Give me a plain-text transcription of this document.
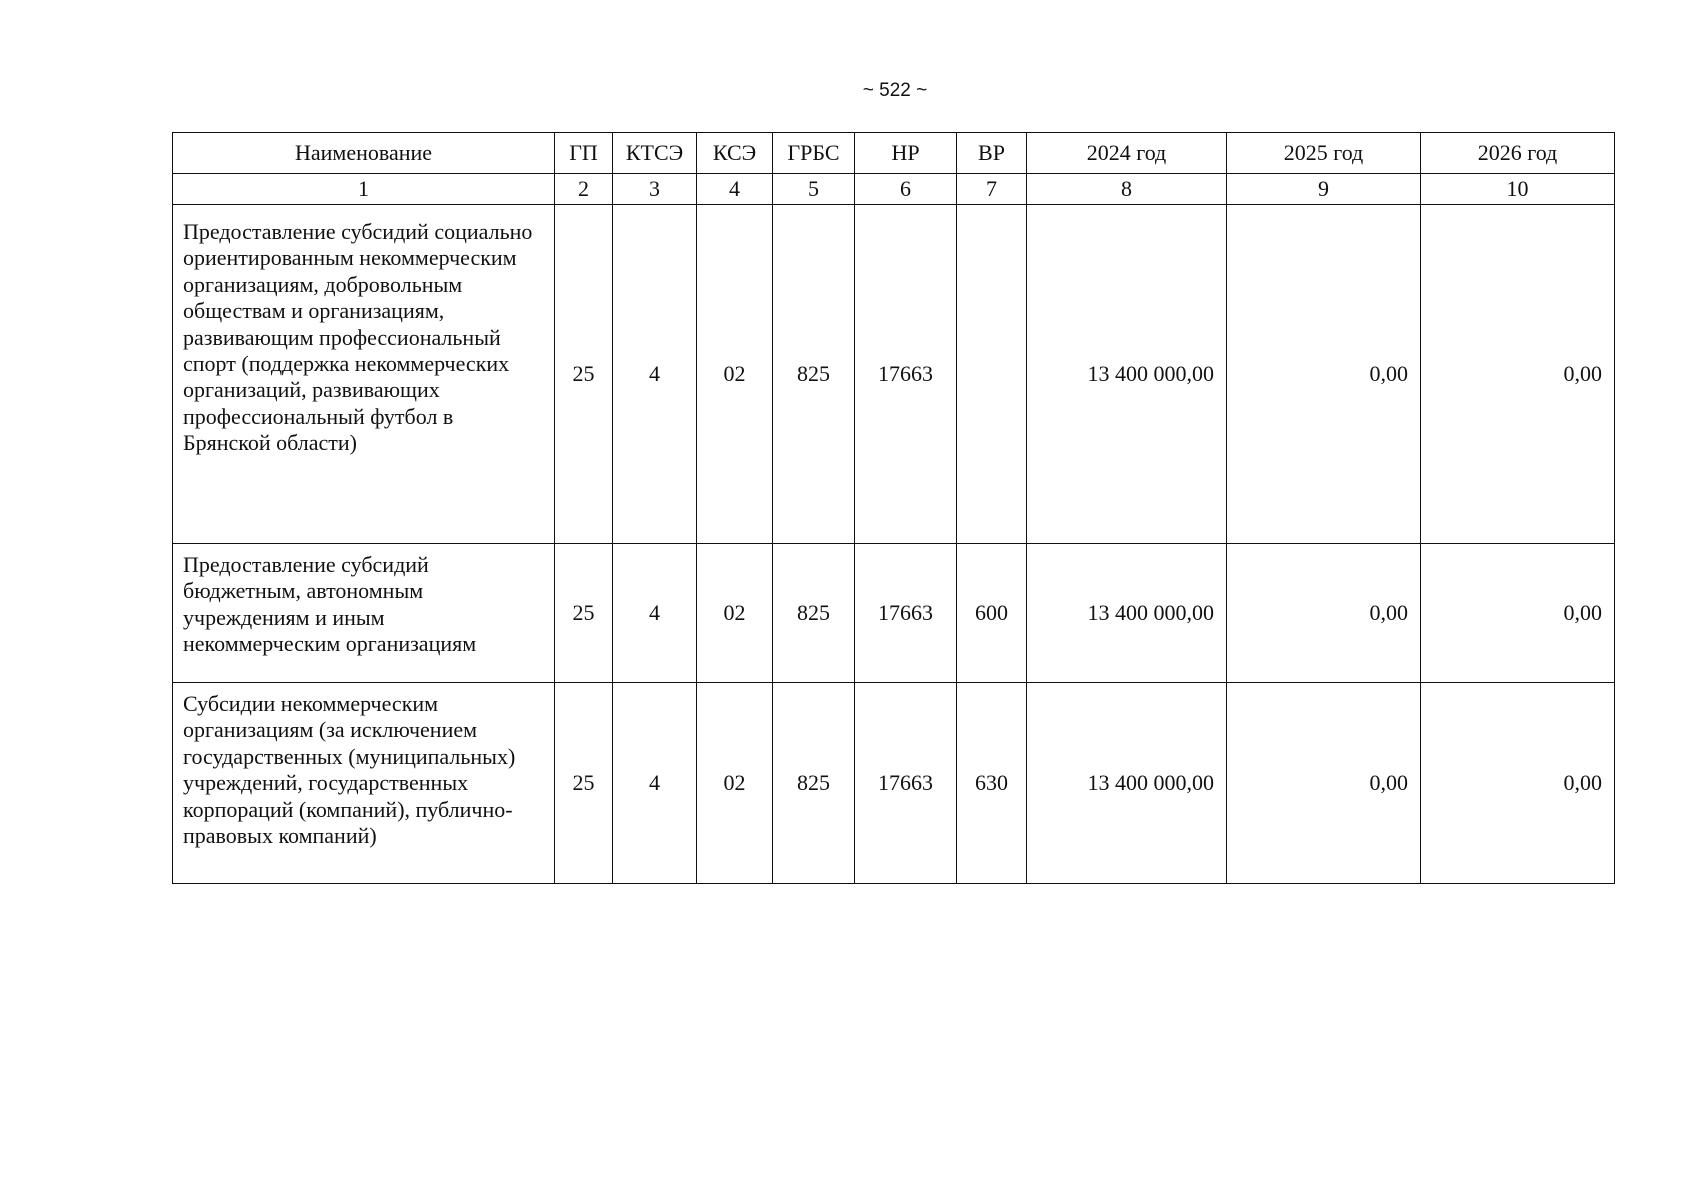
~ 522 ~
Наименование	ГП	КТСЭ	КСЭ	ГРБС	НР	ВР	2024 год	2025 год	2026 год
1	2	3	4	5	6	7	8	9	10
Предоставление субсидий социально ориентированным некоммерческим организациям, добровольным обществам и организациям, развивающим профессиональный спорт (поддержка некоммерческих организаций, развивающих профессиональный футбол в Брянской области)	25	4	02	825	17663		13 400 000,00	0,00	0,00
Предоставление субсидий бюджетным, автономным учреждениям и иным некоммерческим организациям	25	4	02	825	17663	600	13 400 000,00	0,00	0,00
Субсидии некоммерческим организациям (за исключением государственных (муниципальных) учреждений, государственных корпораций (компаний), публично-правовых компаний)	25	4	02	825	17663	630	13 400 000,00	0,00	0,00
